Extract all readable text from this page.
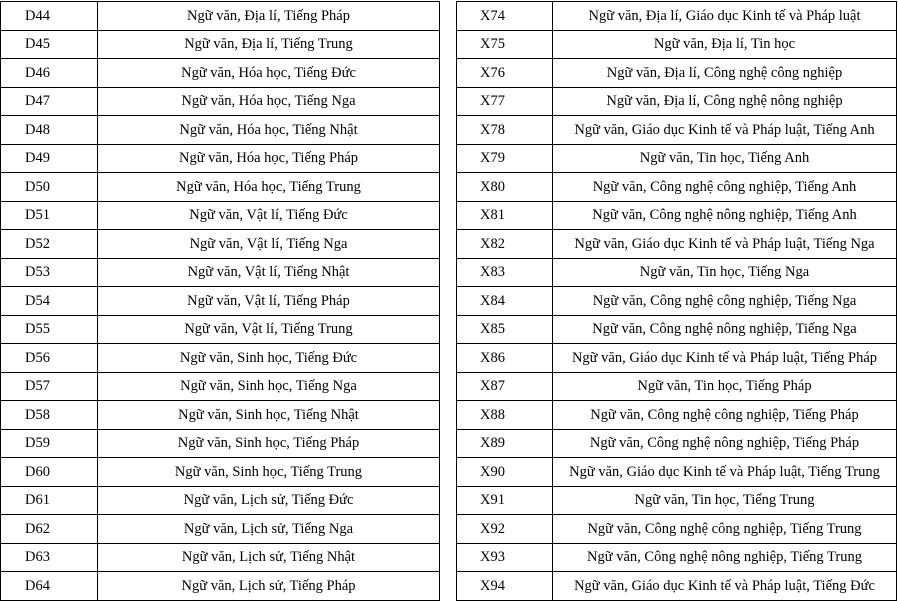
D44	Ngữ văn, Địa lí, Tiếng Pháp
D45	Ngữ văn, Địa lí, Tiếng Trung
D46	Ngữ văn, Hóa học, Tiếng Đức
D47	Ngữ văn, Hóa học, Tiếng Nga
D48	Ngữ văn, Hóa học, Tiếng Nhật
D49	Ngữ văn, Hóa học, Tiếng Pháp
D50	Ngữ văn, Hóa học, Tiếng Trung
D51	Ngữ văn, Vật lí, Tiếng Đức
D52	Ngữ văn, Vật lí, Tiếng Nga
D53	Ngữ văn, Vật lí, Tiếng Nhật
D54	Ngữ văn, Vật lí, Tiếng Pháp
D55	Ngữ văn, Vật lí, Tiếng Trung
D56	Ngữ văn, Sinh học, Tiếng Đức
D57	Ngữ văn, Sinh học, Tiếng Nga
D58	Ngữ văn, Sinh học, Tiếng Nhật
D59	Ngữ văn, Sinh học, Tiếng Pháp
D60	Ngữ văn, Sinh học, Tiếng Trung
D61	Ngữ văn, Lịch sử, Tiếng Đức
D62	Ngữ văn, Lịch sử, Tiếng Nga
D63	Ngữ văn, Lịch sử, Tiếng Nhật
D64	Ngữ văn, Lịch sử, Tiếng Pháp
X74	Ngữ văn, Địa lí, Giáo dục Kinh tế và Pháp luật
X75	Ngữ văn, Địa lí, Tin học
X76	Ngữ văn, Địa lí, Công nghệ công nghiệp
X77	Ngữ văn, Địa lí, Công nghệ nông nghiệp
X78	Ngữ văn, Giáo dục Kinh tế và Pháp luật, Tiếng Anh
X79	Ngữ văn, Tin học, Tiếng Anh
X80	Ngữ văn, Công nghệ công nghiệp, Tiếng Anh
X81	Ngữ văn, Công nghệ nông nghiệp, Tiếng Anh
X82	Ngữ văn, Giáo dục Kinh tế và Pháp luật, Tiếng Nga
X83	Ngữ văn, Tin học, Tiếng Nga
X84	Ngữ văn, Công nghệ công nghiệp, Tiếng Nga
X85	Ngữ văn, Công nghệ nông nghiệp, Tiếng Nga
X86	Ngữ văn, Giáo dục Kinh tế và Pháp luật, Tiếng Pháp
X87	Ngữ văn, Tin học, Tiếng Pháp
X88	Ngữ văn, Công nghệ công nghiệp, Tiếng Pháp
X89	Ngữ văn, Công nghệ nông nghiệp, Tiếng Pháp
X90	Ngữ văn, Giáo dục Kinh tế và Pháp luật, Tiếng Trung
X91	Ngữ văn, Tin học, Tiếng Trung
X92	Ngữ văn, Công nghệ công nghiệp, Tiếng Trung
X93	Ngữ văn, Công nghệ nông nghiệp, Tiếng Trung
X94	Ngữ văn, Giáo dục Kinh tế và Pháp luật, Tiếng Đức
